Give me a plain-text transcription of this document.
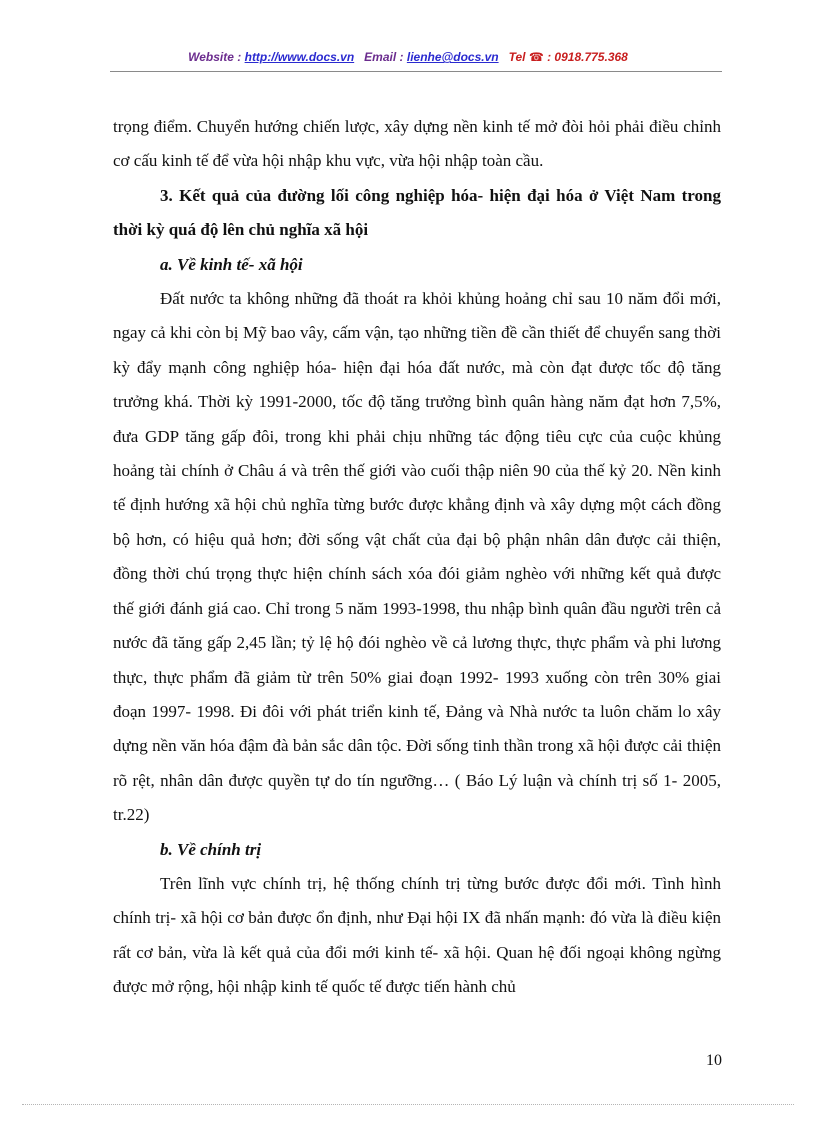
Website : http://www.docs.vn Email : lienhe@docs.vn Tel ☎ : 0918.775.368

trọng điểm. Chuyển hướng chiến lược, xây dựng nền kinh tế mở đòi hỏi phải điều chỉnh cơ cấu kinh tế để vừa hội nhập khu vực, vừa hội nhập toàn cầu.

3. Kết quả của đường lối công nghiệp hóa- hiện đại hóa ở Việt Nam trong thời kỳ quá độ lên chủ nghĩa xã hội

a. Về kinh tế- xã hội

Đất nước ta không những đã thoát ra khỏi khủng hoảng chỉ sau 10 năm đổi mới, ngay cả khi còn bị Mỹ bao vây, cấm vận, tạo những tiền đề cần thiết để chuyển sang thời kỳ đẩy mạnh công nghiệp hóa- hiện đại hóa đất nước, mà còn đạt được tốc độ tăng trưởng khá. Thời kỳ 1991-2000, tốc độ tăng trưởng bình quân hàng năm đạt hơn 7,5%, đưa GDP tăng gấp đôi, trong khi phải chịu những tác động tiêu cực của cuộc khủng hoảng tài chính ở Châu á và trên thế giới vào cuối thập niên 90 của thế kỷ 20. Nền kinh tế định hướng xã hội chủ nghĩa từng bước được khẳng định và xây dựng một cách đồng bộ hơn, có hiệu quả hơn; đời sống vật chất của đại bộ phận nhân dân được cải thiện, đồng thời chú trọng thực hiện chính sách xóa đói giảm nghèo với những kết quả được thế giới đánh giá cao. Chỉ trong 5 năm 1993-1998, thu nhập bình quân đầu người trên cả nước đã tăng gấp 2,45 lần; tỷ lệ hộ đói nghèo về cả lương thực, thực phẩm và phi lương thực, thực phẩm đã giảm từ trên 50% giai đoạn 1992- 1993 xuống còn trên 30% giai đoạn 1997- 1998. Đi đôi với phát triển kinh tế, Đảng và Nhà nước ta luôn chăm lo xây dựng nền văn hóa đậm đà bản sắc dân tộc. Đời sống tinh thần trong xã hội được cải thiện rõ rệt, nhân dân được quyền tự do tín ngưỡng… ( Báo Lý luận và chính trị số 1- 2005, tr.22)

b. Về chính trị

Trên lĩnh vực chính trị, hệ thống chính trị từng bước được đổi mới. Tình hình chính trị- xã hội cơ bản được ổn định, như Đại hội IX đã nhấn mạnh: đó vừa là điều kiện rất cơ bản, vừa là kết quả của đổi mới kinh tế- xã hội. Quan hệ đối ngoại không ngừng được mở rộng, hội nhập kinh tế quốc tế được tiến hành chủ

10
